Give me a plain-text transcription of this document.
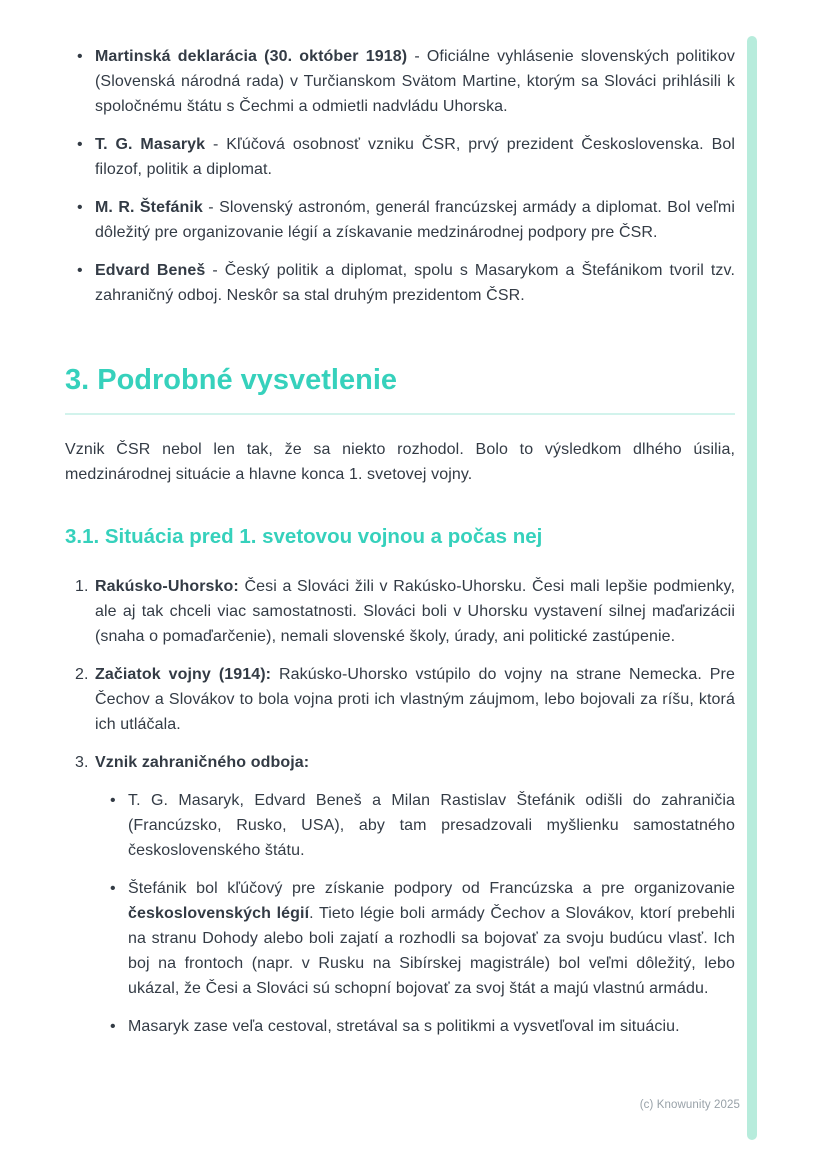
• Martinská deklarácia (30. október 1918) - Oficiálne vyhlásenie slovenských politikov (Slovenská národná rada) v Turčianskom Svätom Martine, ktorým sa Slováci prihlásili k spoločnému štátu s Čechmi a odmietli nadvládu Uhorska.
• T. G. Masaryk - Kľúčová osobnosť vzniku ČSR, prvý prezident Československa. Bol filozof, politik a diplomat.
• M. R. Štefánik - Slovenský astronóm, generál francúzskej armády a diplomat. Bol veľmi dôležitý pre organizovanie légií a získavanie medzinárodnej podpory pre ČSR.
• Edvard Beneš - Český politik a diplomat, spolu s Masarykom a Štefánikom tvoril tzv. zahraničný odboj. Neskôr sa stal druhým prezidentom ČSR.
3. Podrobné vysvetlenie

Vznik ČSR nebol len tak, že sa niekto rozhodol. Bolo to výsledkom dlhého úsilia, medzinárodnej situácie a hlavne konca 1. svetovej vojny.

3.1. Situácia pred 1. svetovou vojnou a počas nej
1. Rakúsko-Uhorsko: Česi a Slováci žili v Rakúsko-Uhorsku. Česi mali lepšie podmienky, ale aj tak chceli viac samostatnosti. Slováci boli v Uhorsku vystavení silnej maďarizácii (snaha o pomaďarčenie), nemali slovenské školy, úrady, ani politické zastúpenie.
2. Začiatok vojny (1914): Rakúsko-Uhorsko vstúpilo do vojny na strane Nemecka. Pre Čechov a Slovákov to bola vojna proti ich vlastným záujmom, lebo bojovali za ríšu, ktorá ich utláčala.
3. Vznik zahraničného odboja:
• T. G. Masaryk, Edvard Beneš a Milan Rastislav Štefánik odišli do zahraničia (Francúzsko, Rusko, USA), aby tam presadzovali myšlienku samostatného československého štátu.
• Štefánik bol kľúčový pre získanie podpory od Francúzska a pre organizovanie československých légií. Tieto légie boli armády Čechov a Slovákov, ktorí prebehli na stranu Dohody alebo boli zajatí a rozhodli sa bojovať za svoju budúcu vlasť. Ich boj na frontoch (napr. v Rusku na Sibírskej magistrále) bol veľmi dôležitý, lebo ukázal, že Česi a Slováci sú schopní bojovať za svoj štát a majú vlastnú armádu.
• Masaryk zase veľa cestoval, stretával sa s politikmi a vysvetľoval im situáciu.
(c) Knowunity 2025
